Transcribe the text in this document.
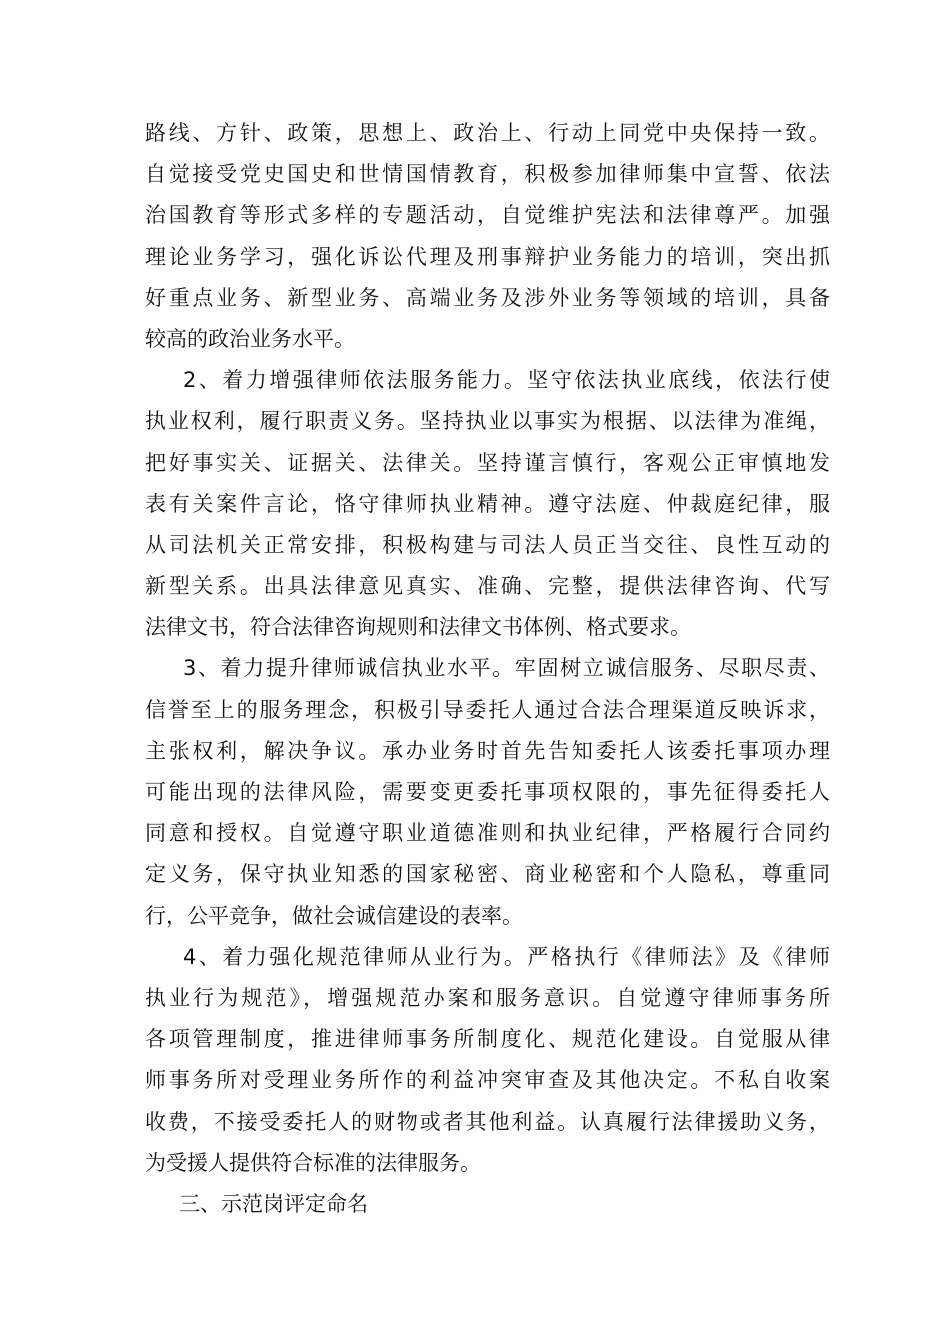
路线、方针、政策，思想上、政治上、行动上同党中央保持一致。
自觉接受党史国史和世情国情教育，积极参加律师集中宣誓、依法
治国教育等形式多样的专题活动，自觉维护宪法和法律尊严。加强
理论业务学习，强化诉讼代理及刑事辩护业务能力的培训，突出抓
好重点业务、新型业务、高端业务及涉外业务等领域的培训，具备
较高的政治业务水平。
2、着力增强律师依法服务能力。坚守依法执业底线，依法行使
执业权利，履行职责义务。坚持执业以事实为根据、以法律为准绳，
把好事实关、证据关、法律关。坚持谨言慎行，客观公正审慎地发
表有关案件言论，恪守律师执业精神。遵守法庭、仲裁庭纪律，服
从司法机关正常安排，积极构建与司法人员正当交往、良性互动的
新型关系。出具法律意见真实、准确、完整，提供法律咨询、代写
法律文书，符合法律咨询规则和法律文书体例、格式要求。
3、着力提升律师诚信执业水平。牢固树立诚信服务、尽职尽责、
信誉至上的服务理念，积极引导委托人通过合法合理渠道反映诉求，
主张权利，解决争议。承办业务时首先告知委托人该委托事项办理
可能出现的法律风险，需要变更委托事项权限的，事先征得委托人
同意和授权。自觉遵守职业道德准则和执业纪律，严格履行合同约
定义务，保守执业知悉的国家秘密、商业秘密和个人隐私，尊重同
行，公平竞争，做社会诚信建设的表率。
4、着力强化规范律师从业行为。严格执行《律师法》及《律师
执业行为规范》，增强规范办案和服务意识。自觉遵守律师事务所
各项管理制度，推进律师事务所制度化、规范化建设。自觉服从律
师事务所对受理业务所作的利益冲突审查及其他决定。不私自收案
收费，不接受委托人的财物或者其他利益。认真履行法律援助义务，
为受援人提供符合标准的法律服务。
三、示范岗评定命名
